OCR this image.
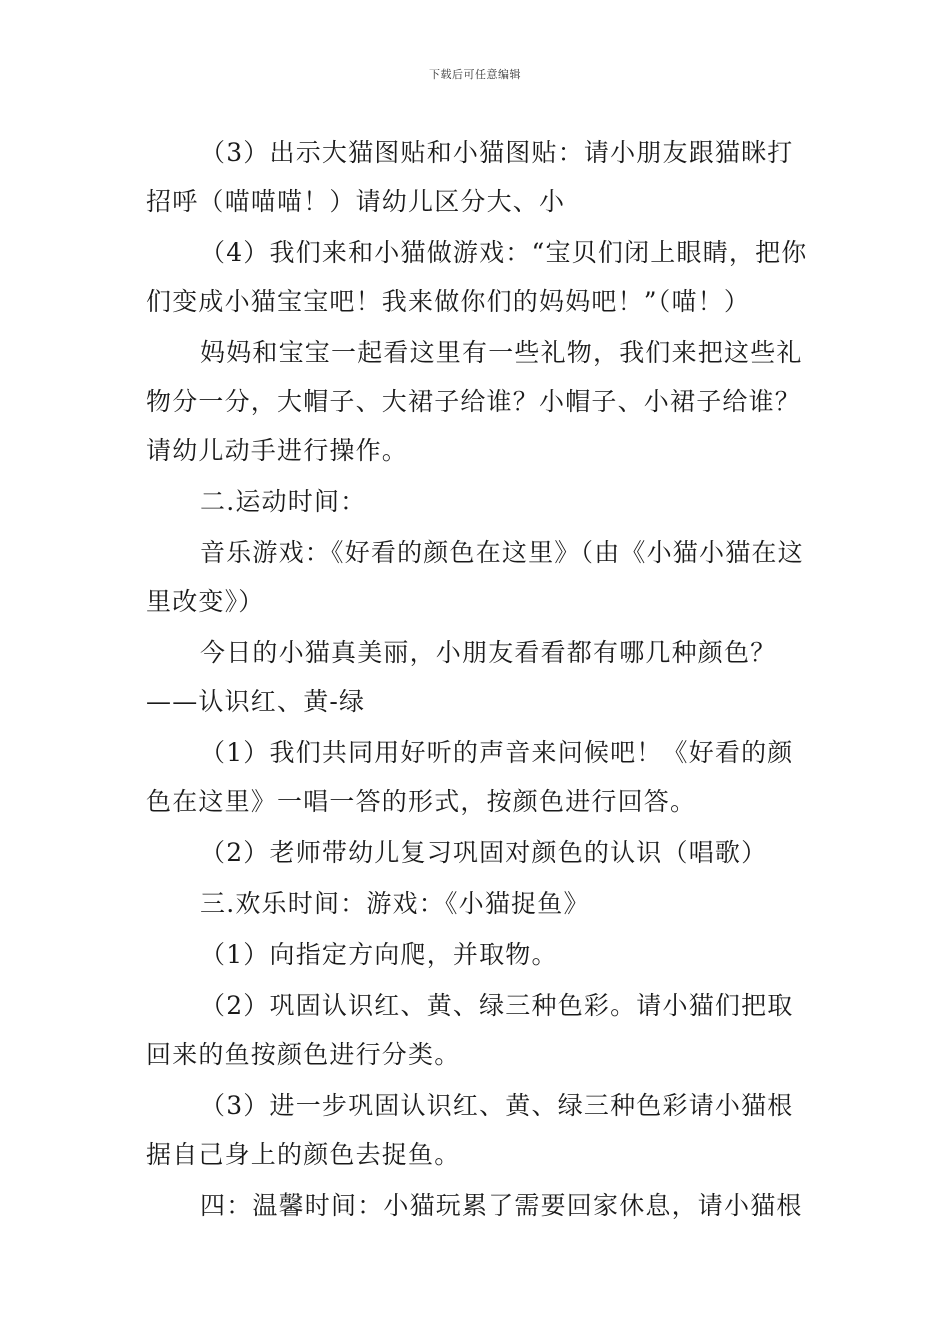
下载后可任意编辑

（3）出示大猫图贴和小猫图贴：请小朋友跟猫眯打招呼（喵喵喵！）请幼儿区分大、小

（4）我们来和小猫做游戏：“宝贝们闭上眼睛，把你们变成小猫宝宝吧！我来做你们的妈妈吧！”（喵！）

妈妈和宝宝一起看这里有一些礼物，我们来把这些礼物分一分，大帽子、大裙子给谁？小帽子、小裙子给谁？请幼儿动手进行操作。

二.运动时间：

音乐游戏：《好看的颜色在这里》（由《小猫小猫在这里改变》）

今日的小猫真美丽，小朋友看看都有哪几种颜色？——认识红、黄-绿

（1）我们共同用好听的声音来问候吧！《好看的颜色在这里》一唱一答的形式，按颜色进行回答。

（2）老师带幼儿复习巩固对颜色的认识（唱歌）

三.欢乐时间：游戏：《小猫捉鱼》

（1）向指定方向爬，并取物。

（2）巩固认识红、黄、绿三种色彩。请小猫们把取回来的鱼按颜色进行分类。

（3）进一步巩固认识红、黄、绿三种色彩请小猫根据自己身上的颜色去捉鱼。

四：温馨时间：小猫玩累了需要回家休息，请小猫根
